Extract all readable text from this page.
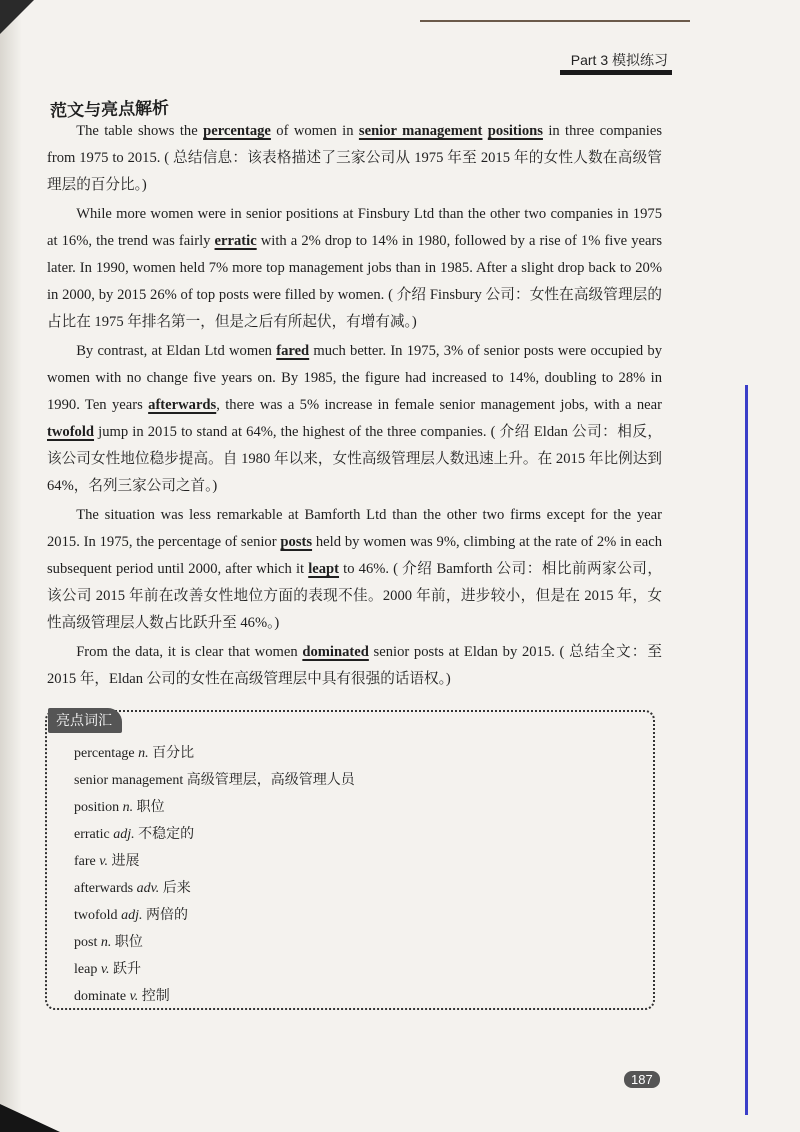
Part 3 模拟练习
范文与亮点解析

The table shows the percentage of women in senior management positions in three companies from 1975 to 2015. ( 总结信息：该表格描述了三家公司从 1975 年至 2015 年的女性人数在高级管理层的百分比。)

While more women were in senior positions at Finsbury Ltd than the other two companies in 1975 at 16%, the trend was fairly erratic with a 2% drop to 14% in 1980, followed by a rise of 1% five years later. In 1990, women held 7% more top management jobs than in 1985. After a slight drop back to 20% in 2000, by 2015 26% of top posts were filled by women. ( 介绍 Finsbury 公司：女性在高级管理层的占比在 1975 年排名第一，但是之后有所起伏，有增有减。)

By contrast, at Eldan Ltd women fared much better. In 1975, 3% of senior posts were occupied by women with no change five years on. By 1985, the figure had increased to 14%, doubling to 28% in 1990. Ten years afterwards, there was a 5% increase in female senior management jobs, with a near twofold jump in 2015 to stand at 64%, the highest of the three companies. ( 介绍 Eldan 公司：相反，该公司女性地位稳步提高。自 1980 年以来，女性高级管理层人数迅速上升。在 2015 年比例达到 64%，名列三家公司之首。)

The situation was less remarkable at Bamforth Ltd than the other two firms except for the year 2015. In 1975, the percentage of senior posts held by women was 9%, climbing at the rate of 2% in each subsequent period until 2000, after which it leapt to 46%. ( 介绍 Bamforth 公司：相比前两家公司，该公司 2015 年前在改善女性地位方面的表现不佳。2000 年前，进步较小，但是在 2015 年，女性高级管理层人数占比跃升至 46%。)

From the data, it is clear that women dominated senior posts at Eldan by 2015. ( 总结全文：至 2015 年，Eldan 公司的女性在高级管理层中具有很强的话语权。)

亮点词汇
percentage n. 百分比
senior management 高级管理层，高级管理人员
position n. 职位
erratic adj. 不稳定的
fare v. 进展
afterwards adv. 后来
twofold adj. 两倍的
post n. 职位
leap v. 跃升
dominate v. 控制
187
